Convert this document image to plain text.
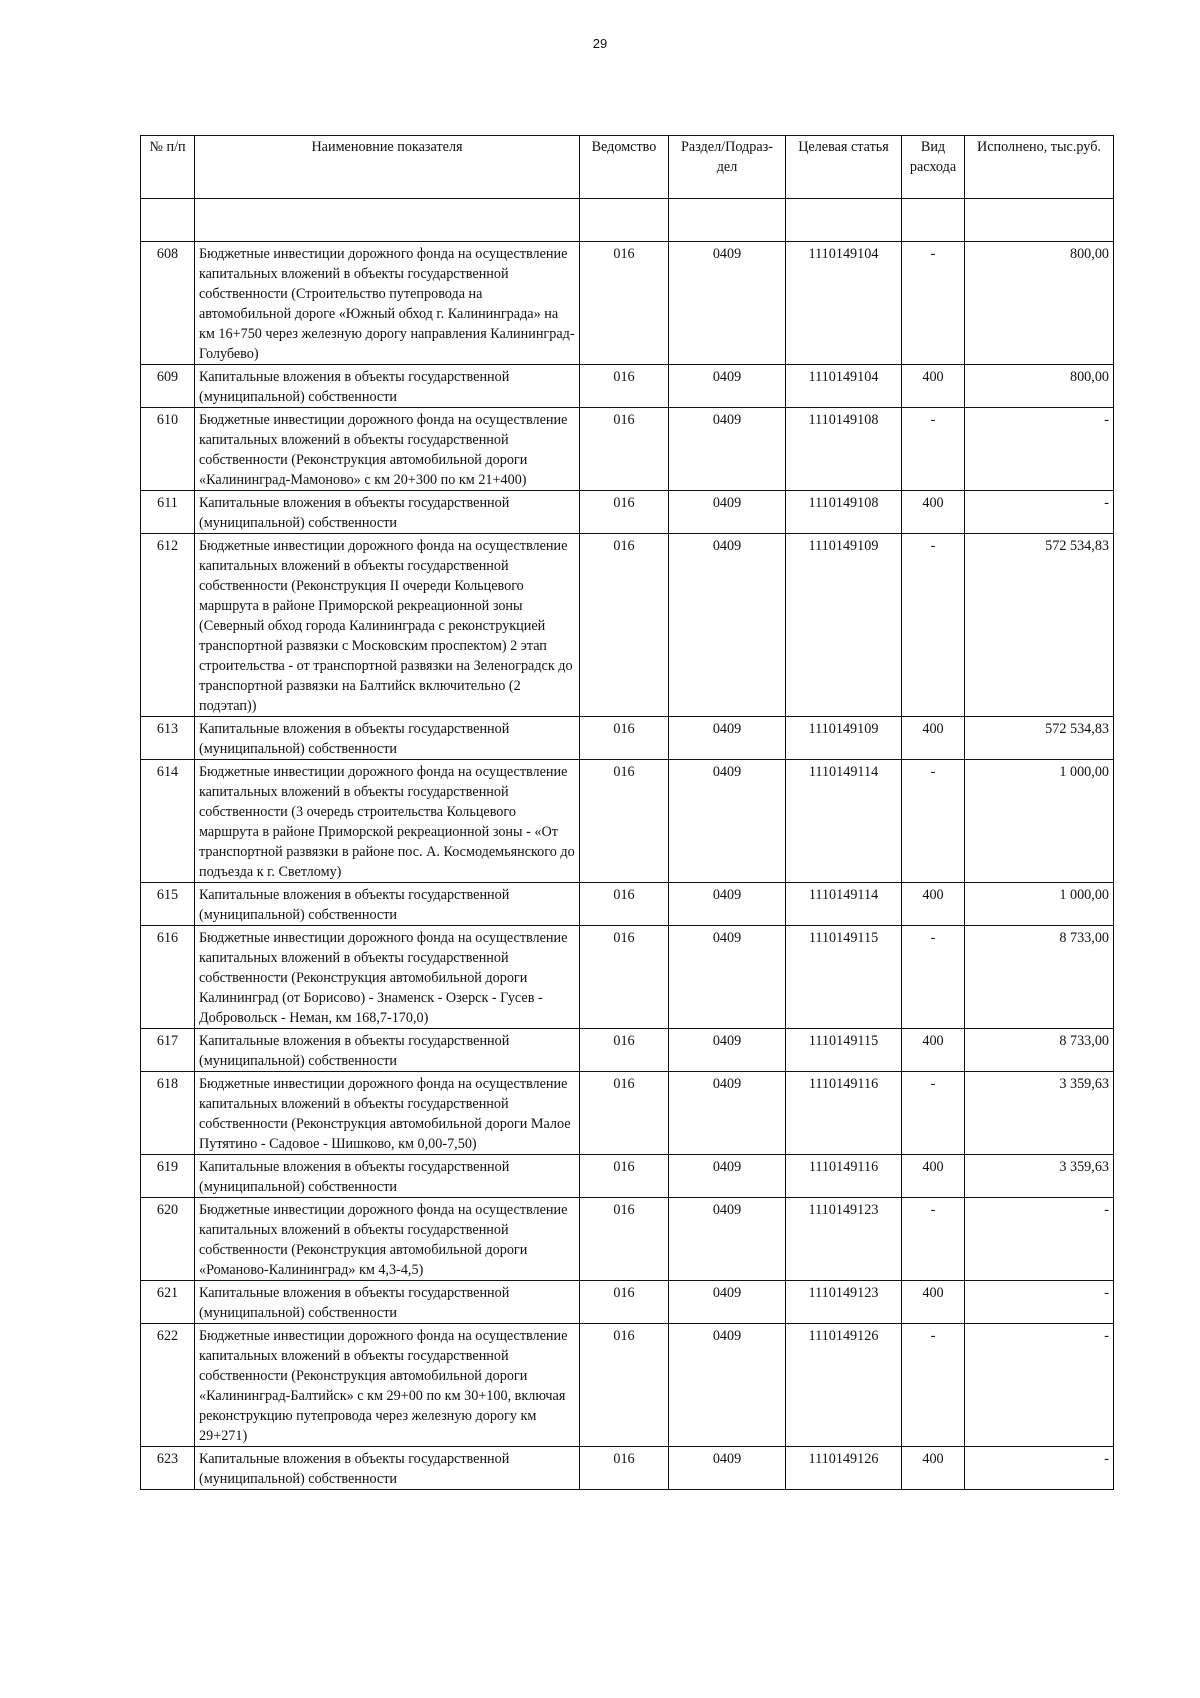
29
№ п/п	Наименовние показателя	Ведомство	Раздел/Подраз-дел	Целевая статья	Вид расхода	Исполнено, тыс.руб.

608	Бюджетные инвестиции дорожного фонда на осуществление капитальных вложений в объекты государственной собственности (Строительство путепровода на автомобильной дороге «Южный обход г. Калининграда» на км 16+750 через железную дорогу направления Калининград-Голубево)	016	0409	1110149104	-	800,00
609	Капитальные вложения в объекты государственной (муниципальной) собственности	016	0409	1110149104	400	800,00
610	Бюджетные инвестиции дорожного фонда на осуществление капитальных вложений в объекты государственной собственности (Реконструкция автомобильной дороги «Калининград-Мамоново» с км 20+300 по км 21+400)	016	0409	1110149108	-	-
611	Капитальные вложения в объекты государственной (муниципальной) собственности	016	0409	1110149108	400	-
612	Бюджетные инвестиции дорожного фонда на осуществление капитальных вложений в объекты государственной собственности (Реконструкция II очереди Кольцевого маршрута в районе Приморской рекреационной зоны (Северный обход города Калининграда с реконструкцией транспортной развязки с Московским проспектом) 2 этап строительства - от транспортной развязки на Зеленоградск до транспортной развязки на Балтийск включительно (2 подэтап))	016	0409	1110149109	-	572 534,83
613	Капитальные вложения в объекты государственной (муниципальной) собственности	016	0409	1110149109	400	572 534,83
614	Бюджетные инвестиции дорожного фонда на осуществление капитальных вложений в объекты государственной собственности (3 очередь строительства Кольцевого маршрута в районе Приморской рекреационной зоны - «От транспортной развязки в районе пос. А. Космодемьянского до подъезда к г. Светлому)	016	0409	1110149114	-	1 000,00
615	Капитальные вложения в объекты государственной (муниципальной) собственности	016	0409	1110149114	400	1 000,00
616	Бюджетные инвестиции дорожного фонда на осуществление капитальных вложений в объекты государственной собственности (Реконструкция автомобильной дороги Калининград (от Борисово) - Знаменск - Озерск - Гусев - Добровольск - Неман, км 168,7-170,0)	016	0409	1110149115	-	8 733,00
617	Капитальные вложения в объекты государственной (муниципальной) собственности	016	0409	1110149115	400	8 733,00
618	Бюджетные инвестиции дорожного фонда на осуществление капитальных вложений в объекты государственной собственности (Реконструкция автомобильной дороги Малое Путятино - Садовое - Шишково, км 0,00-7,50)	016	0409	1110149116	-	3 359,63
619	Капитальные вложения в объекты государственной (муниципальной) собственности	016	0409	1110149116	400	3 359,63
620	Бюджетные инвестиции дорожного фонда на осуществление капитальных вложений в объекты государственной собственности (Реконструкция автомобильной дороги «Романово-Калининград» км 4,3-4,5)	016	0409	1110149123	-	-
621	Капитальные вложения в объекты государственной (муниципальной) собственности	016	0409	1110149123	400	-
622	Бюджетные инвестиции дорожного фонда на осуществление капитальных вложений в объекты государственной собственности (Реконструкция автомобильной дороги «Калининград-Балтийск» с км 29+00 по км 30+100, включая реконструкцию путепровода через железную дорогу км 29+271)	016	0409	1110149126	-	-
623	Капитальные вложения в объекты государственной (муниципальной) собственности	016	0409	1110149126	400	-
